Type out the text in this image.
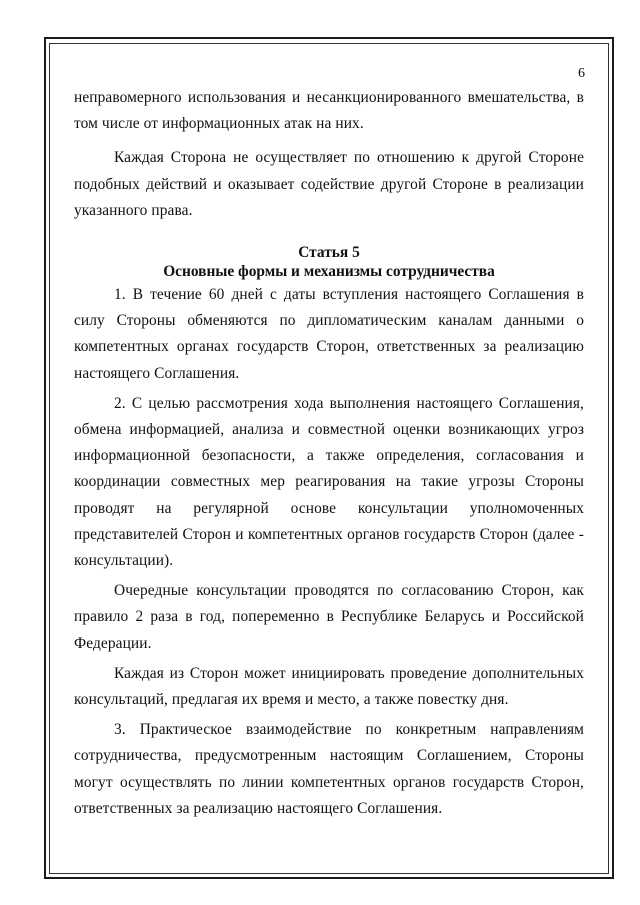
6

неправомерного использования и несанкционированного вмешательства, в том числе от информационных атак на них.

Каждая Сторона не осуществляет по отношению к другой Стороне подобных действий и оказывает содействие другой Стороне в реализации указанного права.

Статья 5
Основные формы и механизмы сотрудничества

1. В течение 60 дней с даты вступления настоящего Соглашения в силу Стороны обменяются по дипломатическим каналам данными о компетентных органах государств Сторон, ответственных за реализацию настоящего Соглашения.

2. С целью рассмотрения хода выполнения настоящего Соглашения, обмена информацией, анализа и совместной оценки возникающих угроз информационной безопасности, а также определения, согласования и координации совместных мер реагирования на такие угрозы Стороны проводят на регулярной основе консультации уполномоченных представителей Сторон и компетентных органов государств Сторон (далее - консультации).

Очередные консультации проводятся по согласованию Сторон, как правило 2 раза в год, попеременно в Республике Беларусь и Российской Федерации.

Каждая из Сторон может инициировать проведение дополнительных консультаций, предлагая их время и место, а также повестку дня.

3. Практическое взаимодействие по конкретным направлениям сотрудничества, предусмотренным настоящим Соглашением, Стороны могут осуществлять по линии компетентных органов государств Сторон, ответственных за реализацию настоящего Соглашения.
